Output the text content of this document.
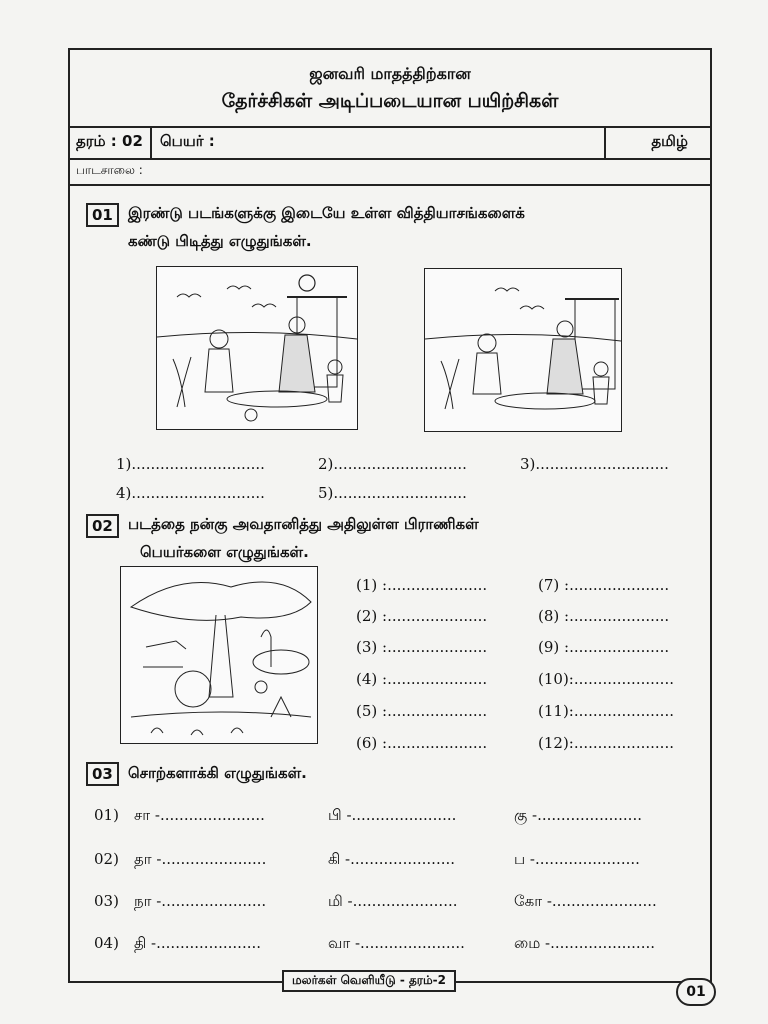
ஜனவரி மாதத்திற்கான
தேர்ச்சிகள் அடிப்படையான பயிற்சிகள்
தரம் : 02 பெயர் :	தமிழ்
பாடசாலை :
01	இரண்டு படங்களுக்கு இடையே உள்ள வித்தியாசங்களைக்
கண்டு பிடித்து எழுதுங்கள்.
1)............................	2)............................	3)............................
4)............................	5)............................
02	படத்தை நன்கு அவதானித்து அதிலுள்ள பிராணிகள்
பெயர்களை எழுதுங்கள்.
(1) :.....................
(2) :.....................
(3) :.....................
(4) :.....................
(5) :.....................
(6) :.....................
(7) :.....................
(8) :.....................
(9) :.....................
(10):.....................
(11):.....................
(12):.....................
03	சொற்களாக்கி எழுதுங்கள்.
01) சா -......................	பி -......................	கு -......................
02) தா -......................	கி -......................	ப -......................
03) நா -......................	மி -......................	கோ -......................
04) தி -......................	வா -......................	மை -......................
மலர்கள் வெளியீடு - தரம்-2
01
